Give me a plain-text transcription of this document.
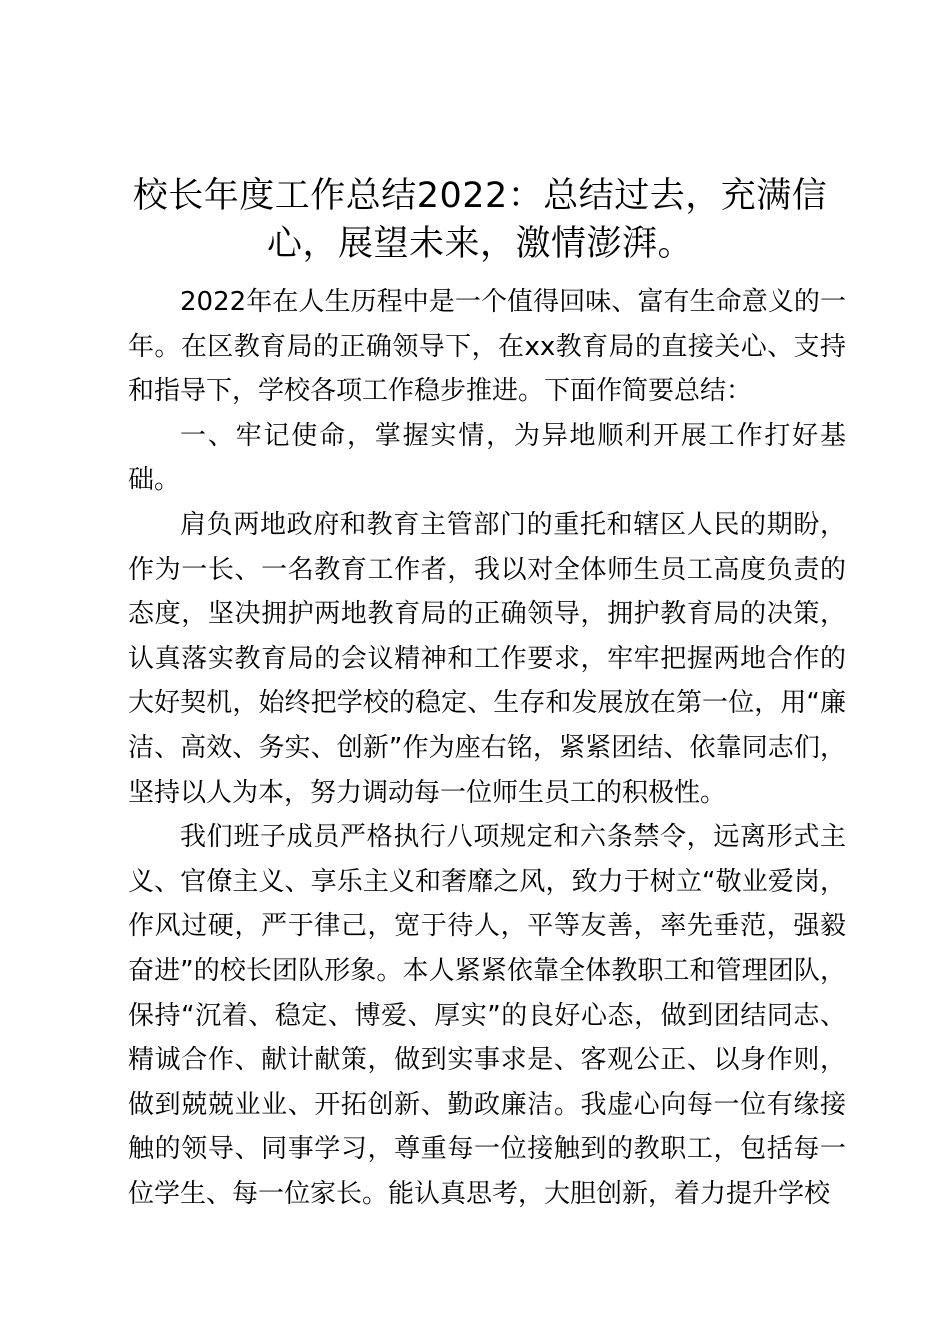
校长年度工作总结2022：总结过去，充满信心，展望未来，激情澎湃。

2022年在人生历程中是一个值得回味、富有生命意义的一年。在区教育局的正确领导下，在xx教育局的直接关心、支持和指导下，学校各项工作稳步推进。下面作简要总结：

一、牢记使命，掌握实情，为异地顺利开展工作打好基础。

肩负两地政府和教育主管部门的重托和辖区人民的期盼，作为一长、一名教育工作者，我以对全体师生员工高度负责的态度，坚决拥护两地教育局的正确领导，拥护教育局的决策，认真落实教育局的会议精神和工作要求，牢牢把握两地合作的大好契机，始终把学校的稳定、生存和发展放在第一位，用“廉洁、高效、务实、创新”作为座右铭，紧紧团结、依靠同志们，坚持以人为本，努力调动每一位师生员工的积极性。

我们班子成员严格执行八项规定和六条禁令，远离形式主义、官僚主义、享乐主义和奢靡之风，致力于树立“敬业爱岗，作风过硬，严于律己，宽于待人，平等友善，率先垂范，强毅奋进”的校长团队形象。本人紧紧依靠全体教职工和管理团队，保持“沉着、稳定、博爱、厚实”的良好心态，做到团结同志、精诚合作、献计献策，做到实事求是、客观公正、以身作则，做到兢兢业业、开拓创新、勤政廉洁。我虚心向每一位有缘接触的领导、同事学习，尊重每一位接触到的教职工，包括每一位学生、每一位家长。能认真思考，大胆创新，着力提升学校
